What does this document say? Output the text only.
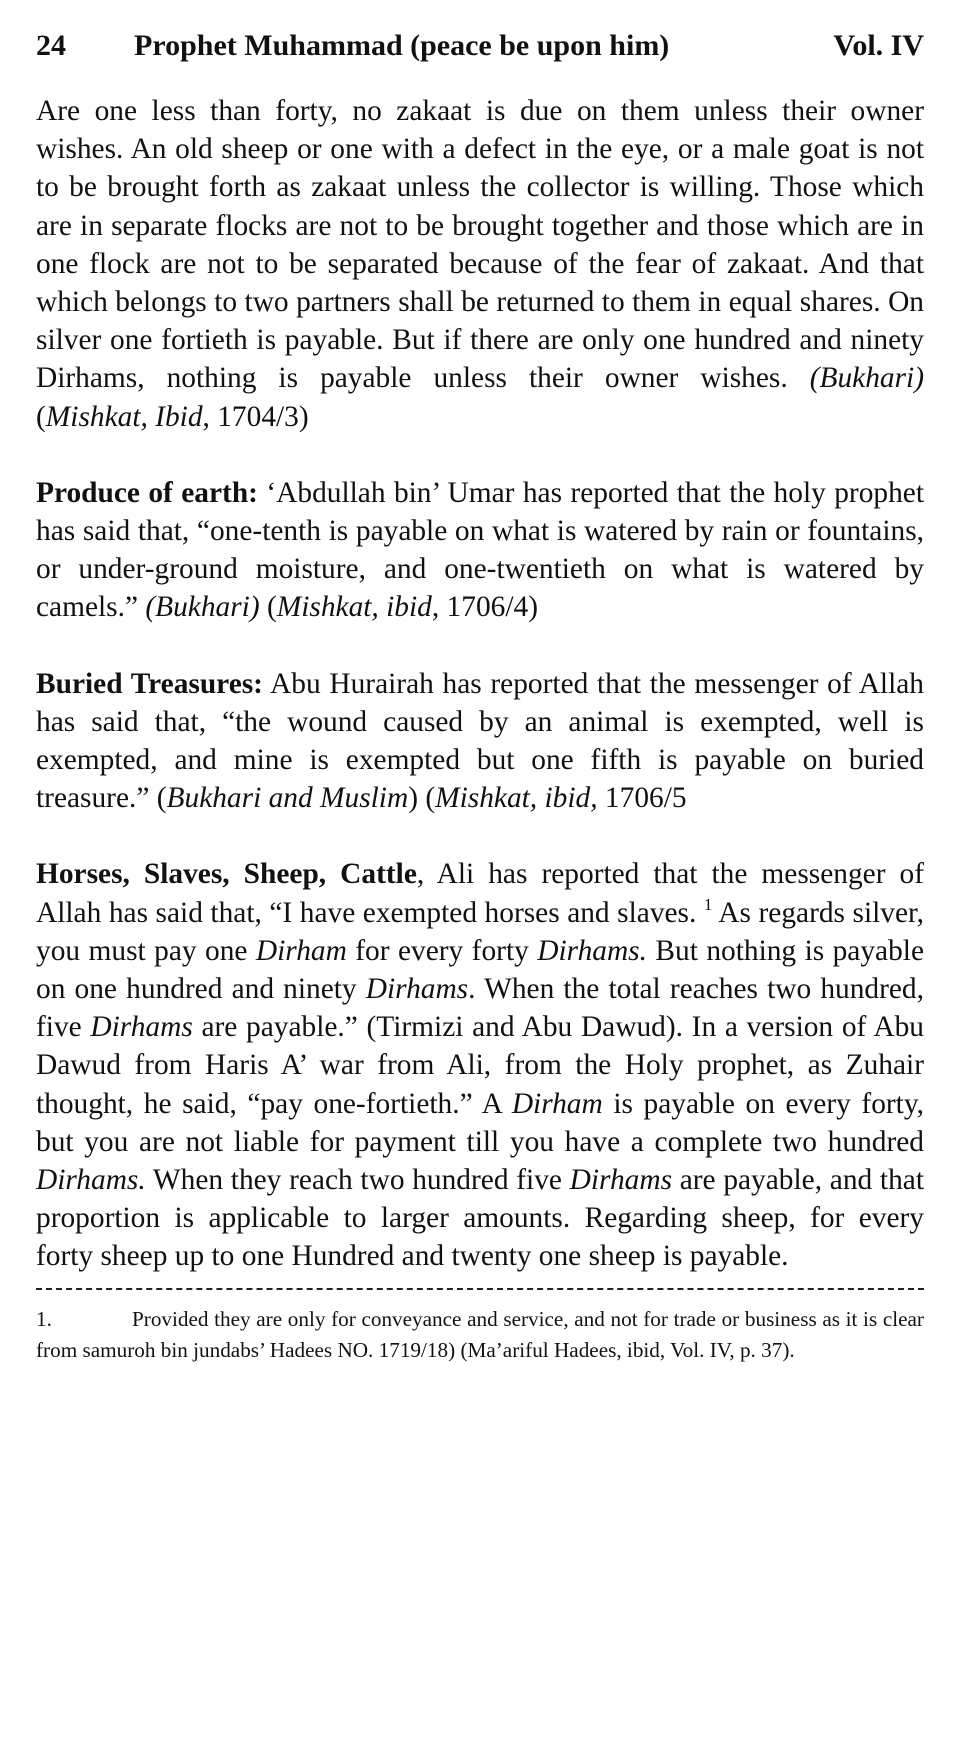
24	Prophet Muhammad (peace be upon him)	Vol. IV

Are one less than forty, no zakaat is due on them unless their owner wishes. An old sheep or one with a defect in the eye, or a male goat is not to be brought forth as zakaat unless the collector is willing. Those which are in separate flocks are not to be brought together and those which are in one flock are not to be separated because of the fear of zakaat. And that which belongs to two partners shall be returned to them in equal shares. On silver one fortieth is payable. But if there are only one hundred and ninety Dirhams, nothing is payable unless their owner wishes. (Bukhari) (Mishkat, Ibid, 1704/3)

Produce of earth: ‘Abdullah bin’ Umar has reported that the holy prophet has said that, “one-tenth is payable on what is watered by rain or fountains, or under-ground moisture, and one-twentieth on what is watered by camels.” (Bukhari) (Mishkat, ibid, 1706/4)

Buried Treasures: Abu Hurairah has reported that the messenger of Allah has said that, “the wound caused by an animal is exempted, well is exempted, and mine is exempted but one fifth is payable on buried treasure.” (Bukhari and Muslim) (Mishkat, ibid, 1706/5

Horses, Slaves, Sheep, Cattle, Ali has reported that the messenger of Allah has said that, “I have exempted horses and slaves. $^1$ As regards silver, you must pay one Dirham for every forty Dirhams. But nothing is payable on one hundred and ninety Dirhams. When the total reaches two hundred, five Dirhams are payable.” (Tirmizi and Abu Dawud). In a version of Abu Dawud from Haris A’ war from Ali, from the Holy prophet, as Zuhair thought, he said, “pay one-fortieth.” A Dirham is payable on every forty, but you are not liable for payment till you have a complete two hundred Dirhams. When they reach two hundred five Dirhams are payable, and that proportion is applicable to larger amounts. Regarding sheep, for every forty sheep up to one Hundred and twenty one sheep is payable.

1.	Provided they are only for conveyance and service, and not for trade or business as it is clear from samuroh bin jundabs’ Hadees NO. 1719/18) (Ma’ariful Hadees, ibid, Vol. IV, p. 37).
